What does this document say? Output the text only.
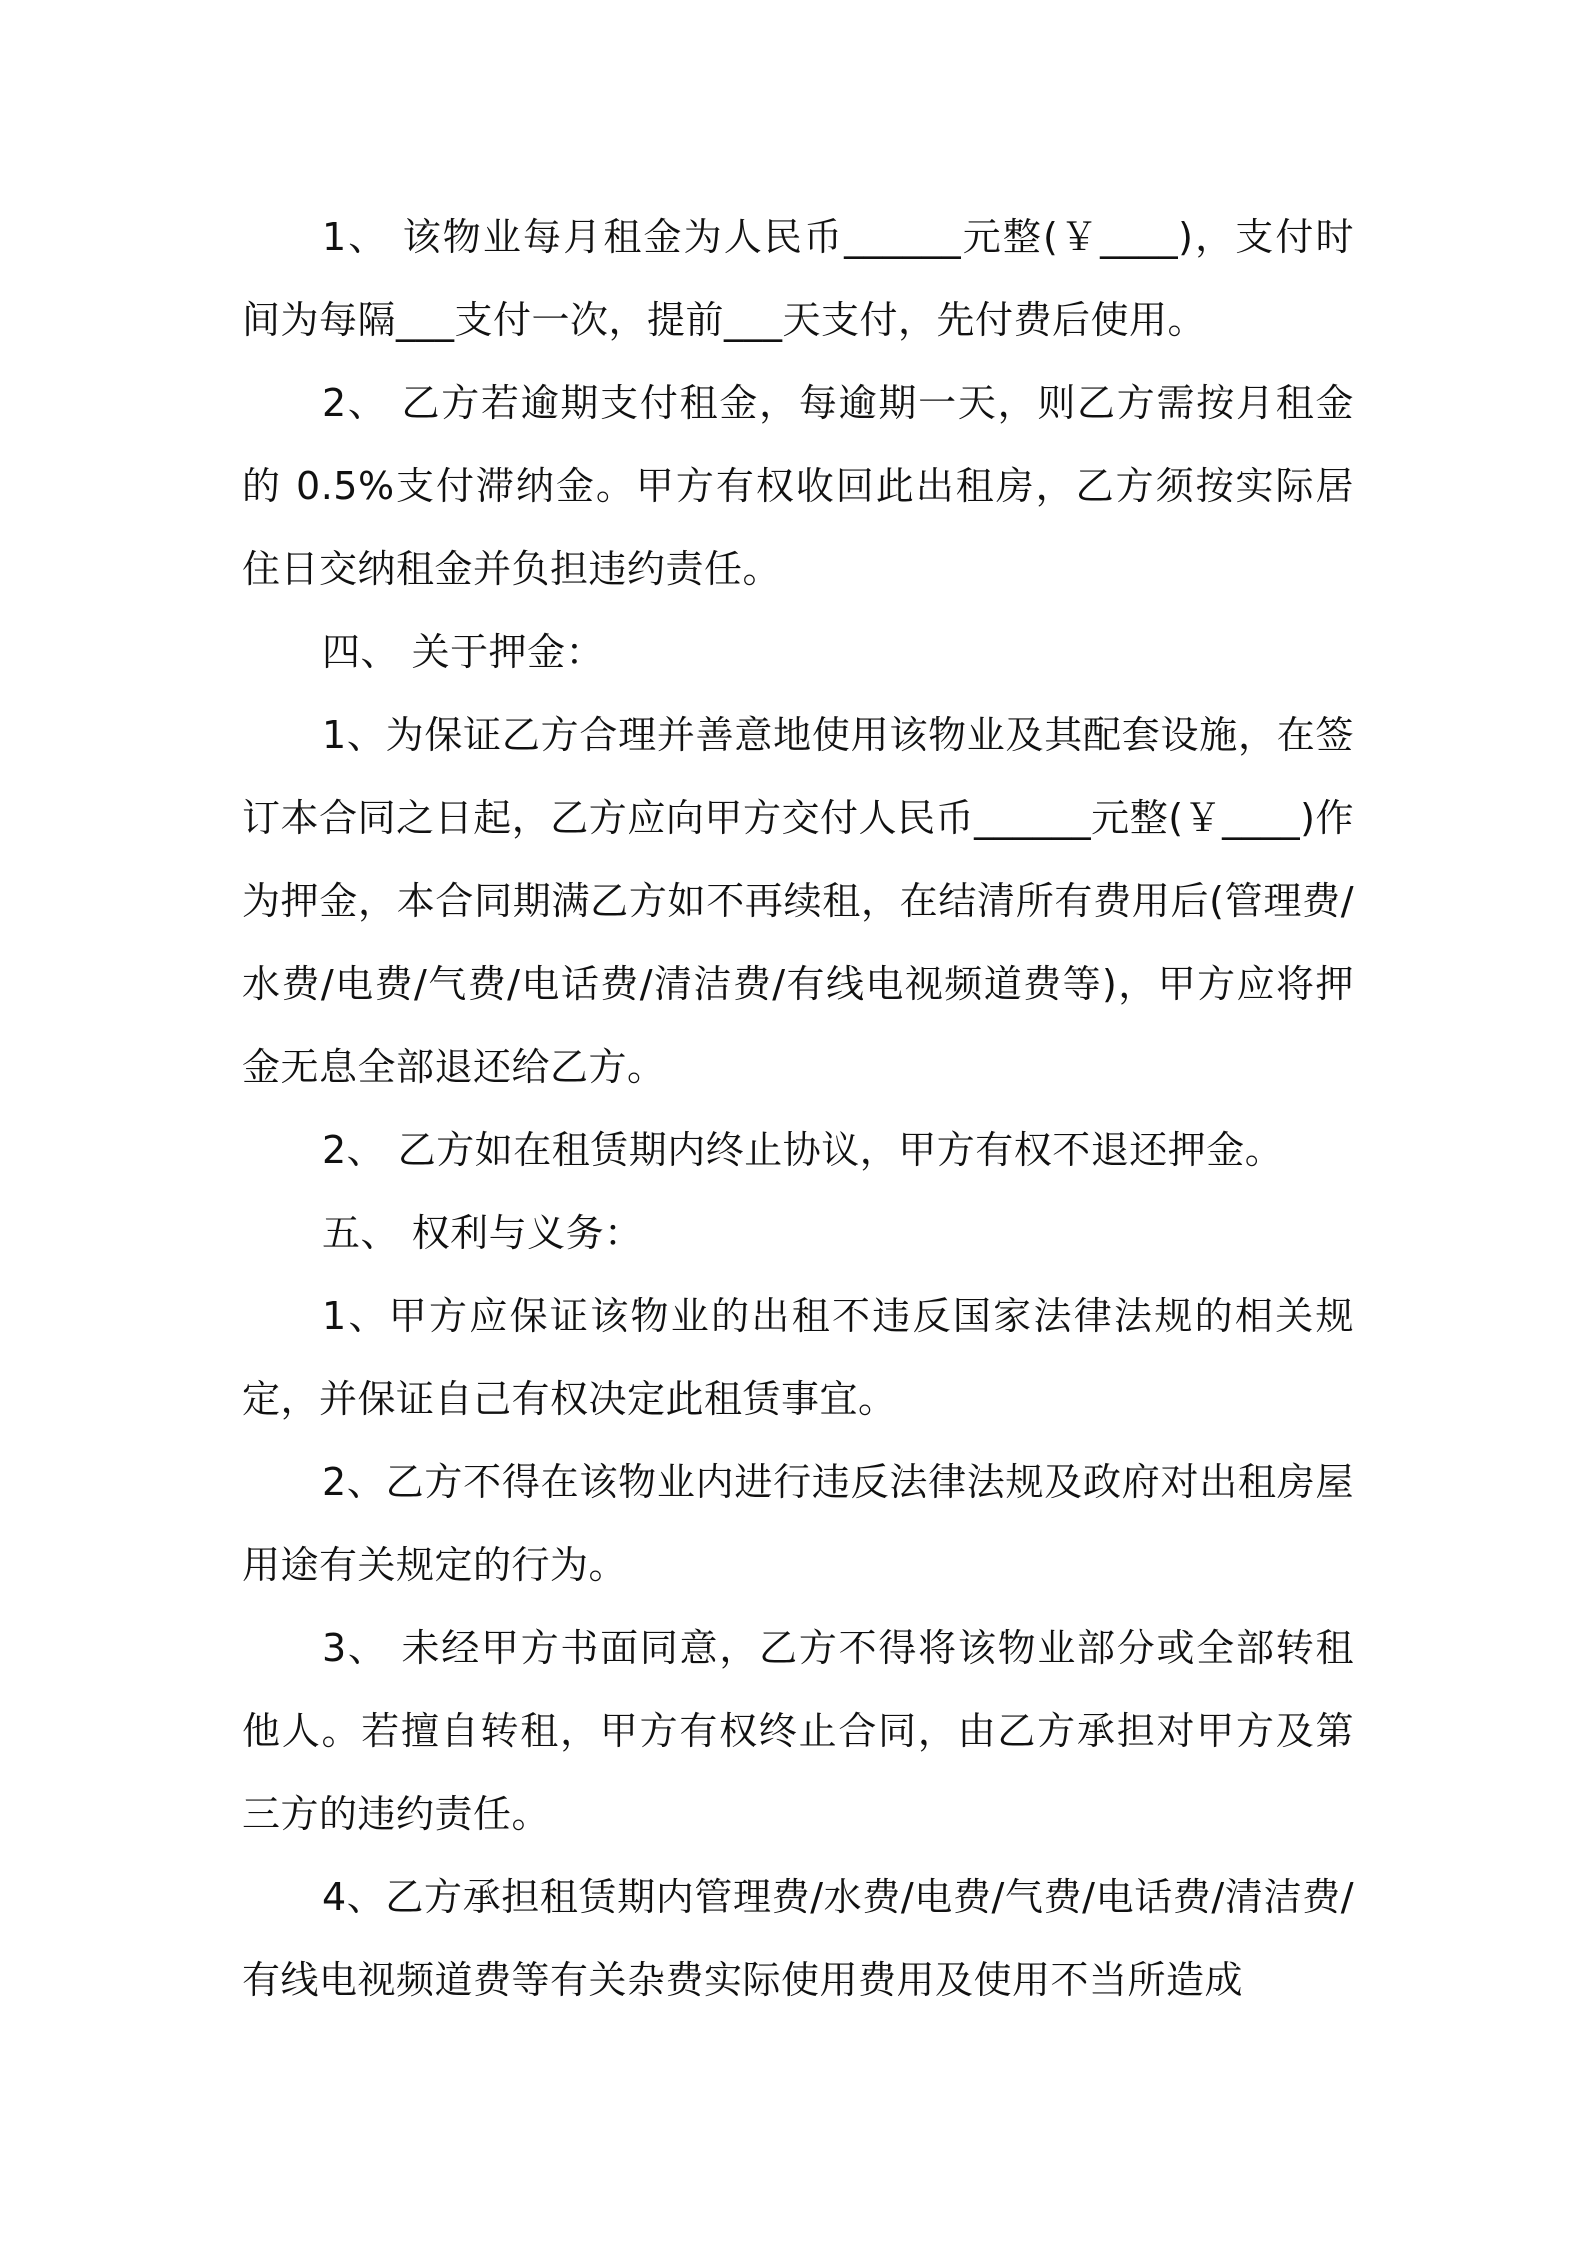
1、 该物业每月租金为人民币______元整(￥____)，支付时间为每隔___支付一次，提前___天支付，先付费后使用。

2、 乙方若逾期支付租金，每逾期一天，则乙方需按月租金的 0.5%支付滞纳金。甲方有权收回此出租房，乙方须按实际居住日交纳租金并负担违约责任。

四、 关于押金：

1、为保证乙方合理并善意地使用该物业及其配套设施，在签订本合同之日起，乙方应向甲方交付人民币______元整(￥____)作为押金，本合同期满乙方如不再续租，在结清所有费用后(管理费/水费/电费/气费/电话费/清洁费/有线电视频道费等)，甲方应将押金无息全部退还给乙方。

2、 乙方如在租赁期内终止协议，甲方有权不退还押金。

五、 权利与义务：

1、甲方应保证该物业的出租不违反国家法律法规的相关规定，并保证自己有权决定此租赁事宜。

2、乙方不得在该物业内进行违反法律法规及政府对出租房屋用途有关规定的行为。

3、 未经甲方书面同意，乙方不得将该物业部分或全部转租他人。若擅自转租，甲方有权终止合同，由乙方承担对甲方及第三方的违约责任。

4、乙方承担租赁期内管理费/水费/电费/气费/电话费/清洁费/有线电视频道费等有关杂费实际使用费用及使用不当所造成
